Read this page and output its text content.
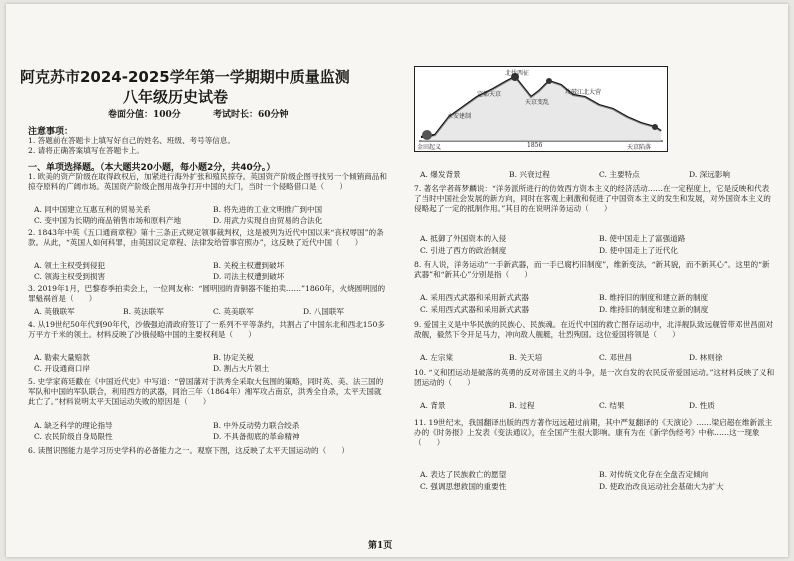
阿克苏市2024-2025学年第一学期期中质量监测
八年级历史试卷
卷面分值：100分	考试时长：60分钟
注意事项：
1. 答题前在答题卡上填写好自己的姓名、班级、考号等信息。
2. 请将正确答案填写在答题卡上。
一、单项选择题。（本大题共20小题，每小题2分，共40分。）
1. 欧美的资产阶级在取得政权后，加紧进行海外扩张和殖民掠夺。英国资产阶级企图寻找另一个倾销商品和掠夺原料的广阔市场。英国资产阶级企图用战争打开中国的大门，当时一个侵略借口是（　　）
A. 同中国建立互惠互利的贸易关系	B. 将先进的工业文明推广到中国
C. 变中国为长期的商品销售市场和原料产地	D. 用武力实现自由贸易的合法化
2. 1843年中英《五口通商章程》第十三条正式规定领事裁判权，这是被列为近代中国以来“丧权辱国”的条款。从此，“英国人如何科罪，由英国议定章程、法律发给管事官照办”，这反映了近代中国（　　）
A. 领土主权受到侵犯	B. 关税主权遭到破坏
C. 领海主权受到损害	D. 司法主权遭到破坏
3. 2019年1月，巴黎春季拍卖会上，一位网友称：“圆明园的青铜器不能拍卖……”1860年，火烧圆明园的罪魁祸首是（　　）
A. 英俄联军	B. 英法联军	C. 英美联军	D. 八国联军
4. 从19世纪50年代到90年代，沙俄强迫清政府签订了一系列不平等条约，共割占了中国东北和西北150多万平方千米的领土。材料反映了沙俄侵略中国的主要权利是（　　）
A. 勒索大量赔款	B. 协定关税
C. 开设通商口岸	D. 割占大片领土
5. 史学家蒋廷黻在《中国近代史》中写道：“曾国藩对于洪秀全采取大包围的策略，同时英、美、法三国的军队和中国的军队联合，利用西方的武器，同治三年（1864年）湘军攻占南京，洪秀全自杀，太平天国就此亡了。”材料说明太平天国运动失败的原因是（　　）
A. 缺乏科学的理论指导	B. 中外反动势力联合绞杀
C. 农民阶级自身局限性	D. 不具备彻底的革命精神
6. 读图识图能力是学习历史学科的必备能力之一。观察下图，这反映了太平天国运动的（　　）
金田起义
永安建制
定都天京
北伐西征
天京变乱
1856
攻破江北大营
天京陷落
A. 爆发背景	B. 兴衰过程	C. 主要特点	D. 深远影响
7. 著名学者蒋梦麟说：“洋务派所进行的仿效西方资本主义的经济活动……在一定程度上，它是反映和代表了当时中国社会发展的新方向，同时在客观上刺激和促进了中国资本主义的发生和发展，对外国资本主义的侵略起了一定的抵制作用。”其目的在说明洋务运动（　　）
A. 抵御了外国资本的入侵	B. 使中国走上了富强道路
C. 引进了西方的政治制度	D. 使中国走上了近代化
8. 有人说，洋务运动“一手新武器，而一手已腐朽旧制度”，维新变法，“新其貌，而不新其心”。这里的“新武器”和“新其心”分别是指（　　）
A. 采用西式武器和采用新式武器	B. 维持旧的制度和建立新的制度
C. 采用西式武器和采用新式武器	D. 维持旧的制度和建立新的制度
9. 爱国主义是中华民族的民族心、民族魂。在近代中国的救亡图存运动中，北洋舰队致远舰管带邓世昌面对敌舰，毅然下令开足马力，冲向敌人舰艇，壮烈殉国。这位爱国将领是（　　）
A. 左宗棠	B. 关天培	C. 邓世昌	D. 林则徐
10. “义和团运动是破落的英勇的反对帝国主义的斗争，是一次自发的农民反帝爱国运动。”这材料反映了义和团运动的（　　）
A. 背景	B. 过程	C. 结果	D. 性质
11. 19世纪末，我国翻译出版的西方著作远远超过前期，其中严复翻译的《天演论》……梁启超在维新派主办的《时务报》上发表《变法通议》，在全国产生很大影响。康有为在《新学伪经考》中称……这一现象（　　）
A. 表达了民族救亡的愿望	B. 对传统文化存在全盘否定倾向
C. 强调思想救国的重要性	D. 使政治改良运动社会基础大为扩大
第1页
